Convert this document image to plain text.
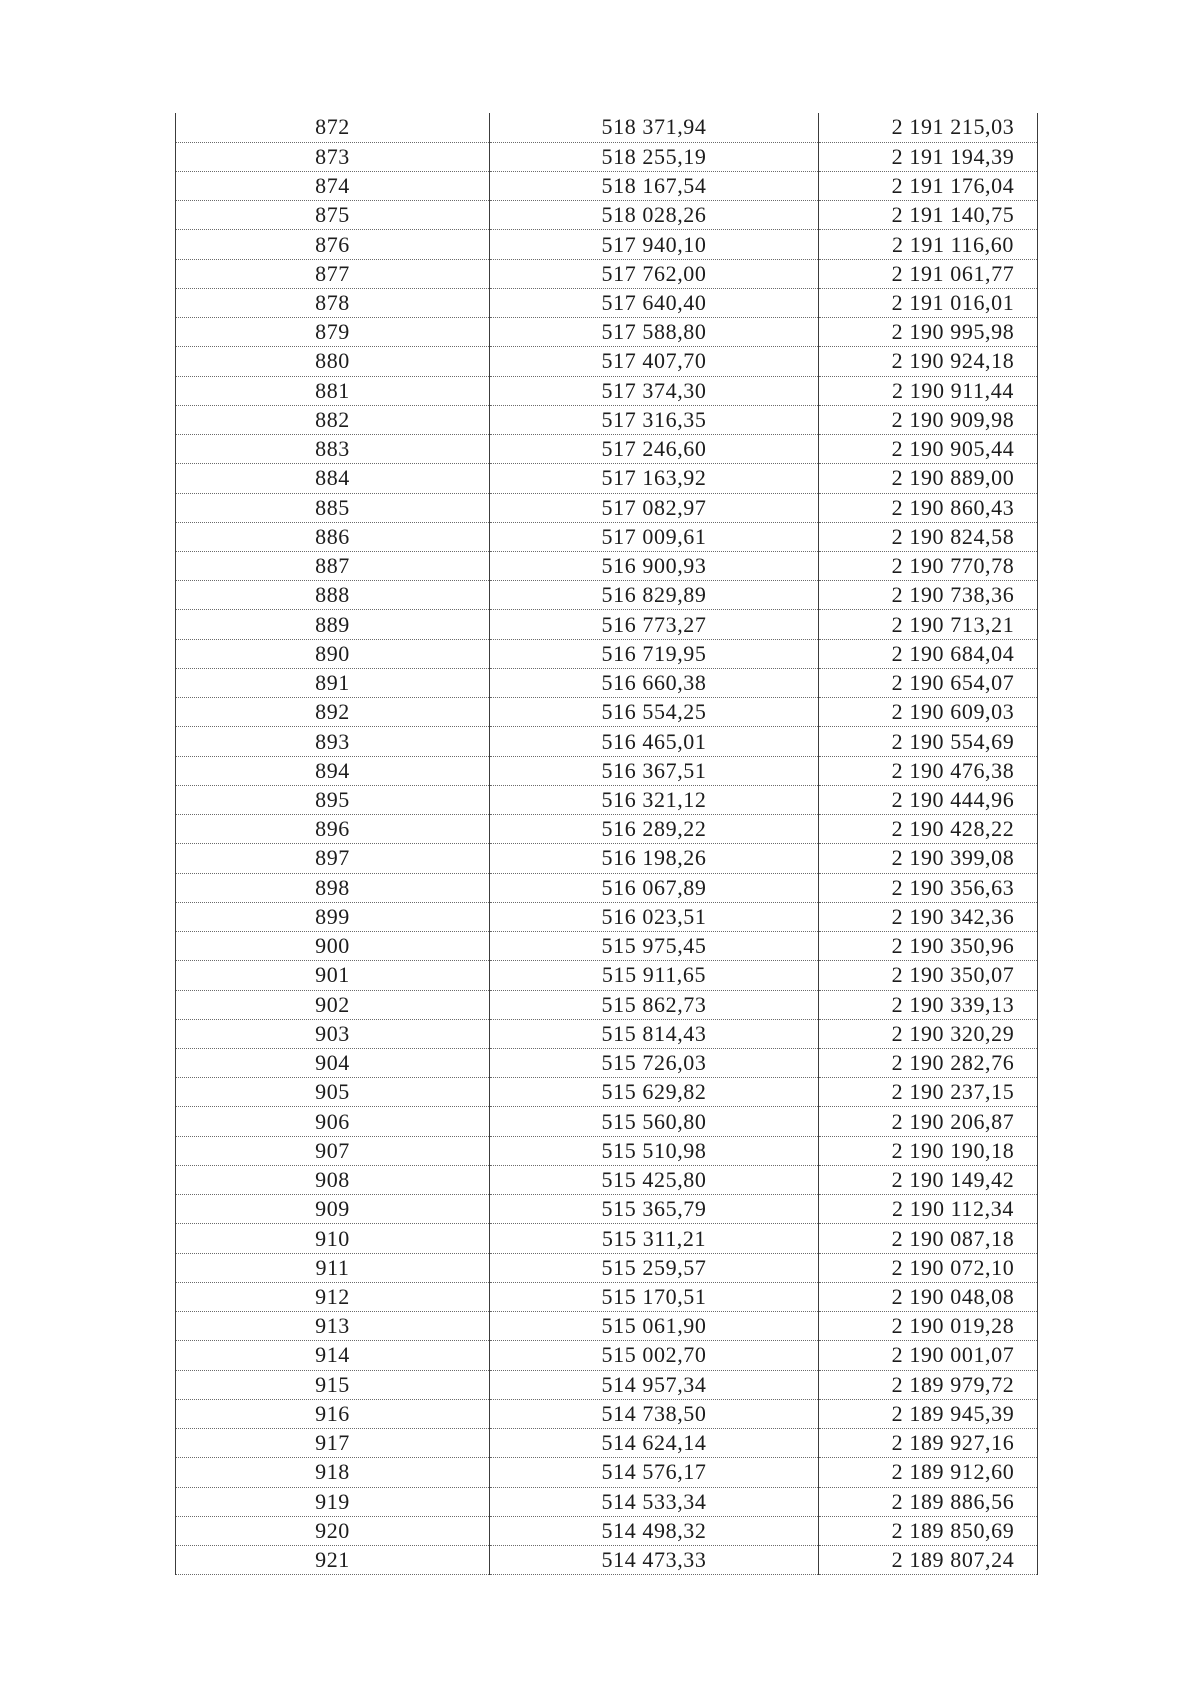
872	518 371,94	2 191 215,03
873	518 255,19	2 191 194,39
874	518 167,54	2 191 176,04
875	518 028,26	2 191 140,75
876	517 940,10	2 191 116,60
877	517 762,00	2 191 061,77
878	517 640,40	2 191 016,01
879	517 588,80	2 190 995,98
880	517 407,70	2 190 924,18
881	517 374,30	2 190 911,44
882	517 316,35	2 190 909,98
883	517 246,60	2 190 905,44
884	517 163,92	2 190 889,00
885	517 082,97	2 190 860,43
886	517 009,61	2 190 824,58
887	516 900,93	2 190 770,78
888	516 829,89	2 190 738,36
889	516 773,27	2 190 713,21
890	516 719,95	2 190 684,04
891	516 660,38	2 190 654,07
892	516 554,25	2 190 609,03
893	516 465,01	2 190 554,69
894	516 367,51	2 190 476,38
895	516 321,12	2 190 444,96
896	516 289,22	2 190 428,22
897	516 198,26	2 190 399,08
898	516 067,89	2 190 356,63
899	516 023,51	2 190 342,36
900	515 975,45	2 190 350,96
901	515 911,65	2 190 350,07
902	515 862,73	2 190 339,13
903	515 814,43	2 190 320,29
904	515 726,03	2 190 282,76
905	515 629,82	2 190 237,15
906	515 560,80	2 190 206,87
907	515 510,98	2 190 190,18
908	515 425,80	2 190 149,42
909	515 365,79	2 190 112,34
910	515 311,21	2 190 087,18
911	515 259,57	2 190 072,10
912	515 170,51	2 190 048,08
913	515 061,90	2 190 019,28
914	515 002,70	2 190 001,07
915	514 957,34	2 189 979,72
916	514 738,50	2 189 945,39
917	514 624,14	2 189 927,16
918	514 576,17	2 189 912,60
919	514 533,34	2 189 886,56
920	514 498,32	2 189 850,69
921	514 473,33	2 189 807,24
